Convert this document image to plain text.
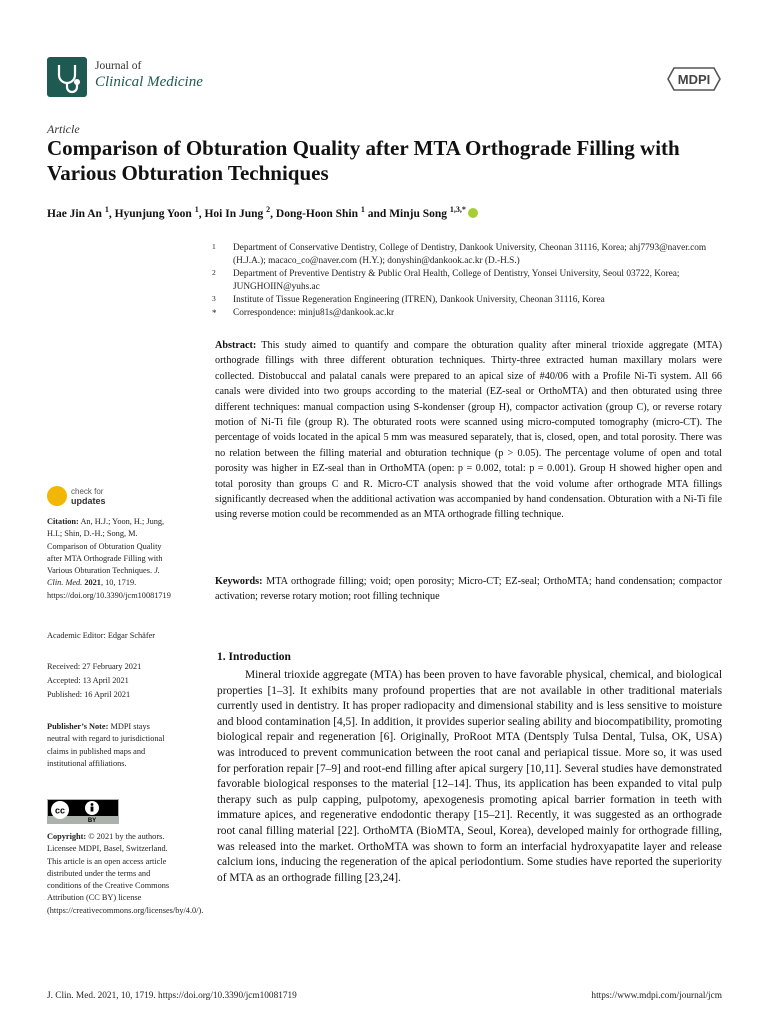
Journal of
Clinical Medicine	MDPI
Article
Comparison of Obturation Quality after MTA Orthograde Filling with Various Obturation Techniques
Hae Jin An $^1$, Hyunjung Yoon $^1$, Hoi In Jung $^2$, Dong-Hoon Shin $^1$ and Minju Song $^{1,3,*}$
1 Department of Conservative Dentistry, College of Dentistry, Dankook University, Cheonan 31116, Korea; ahj7793@naver.com (H.J.A.); macaco_co@naver.com (H.Y.); donyshin@dankook.ac.kr (D.-H.S.)
2 Department of Preventive Dentistry & Public Oral Health, College of Dentistry, Yonsei University, Seoul 03722, Korea; JUNGHOIIN@yuhs.ac
3 Institute of Tissue Regeneration Engineering (ITREN), Dankook University, Cheonan 31116, Korea
* Correspondence: minju81s@dankook.ac.kr
Abstract: This study aimed to quantify and compare the obturation quality after mineral trioxide aggregate (MTA) orthograde fillings with three different obturation techniques. Thirty-three extracted human maxillary molars were collected. Distobuccal and palatal canals were prepared to an apical size of #40/06 with a Profile Ni-Ti system. All 66 canals were divided into two groups according to the material (EZ-seal or OrthoMTA) and then obturated using three different techniques: manual compaction using S-kondenser (group H), compactor activation (group C), or reverse rotary motion of Ni-Ti file (group R). The obturated roots were scanned using micro-computed tomography (micro-CT). The percentage of voids located in the apical 5 mm was measured separately, that is, closed, open, and total porosity. There was no relation between the filling material and obturation technique (p > 0.05). The percentage volume of open and total porosity was higher in EZ-seal than in OrthoMTA (open: p = 0.002, total: p = 0.001). Group H showed higher open and total porosity than groups C and R. Micro-CT analysis showed that the void volume after orthograde MTA fillings significantly decreased when the additional activation was accompanied by hand condensation. Obturation with a Ni-Ti file using reverse motion could be recommended as an MTA orthograde filling technique.
Keywords: MTA orthograde filling; void; open porosity; Micro-CT; EZ-seal; OrthoMTA; hand condensation; compactor activation; reverse rotary motion; root filling technique
check for
updates
Citation: An, H.J.; Yoon, H.; Jung, H.I.; Shin, D.-H.; Song, M. Comparison of Obturation Quality after MTA Orthograde Filling with Various Obturation Techniques. J. Clin. Med. 2021, 10, 1719. https://doi.org/10.3390/jcm10081719
Academic Editor: Edgar Schäfer
Received: 27 February 2021
Accepted: 13 April 2021
Published: 16 April 2021
Publisher’s Note: MDPI stays neutral with regard to jurisdictional claims in published maps and institutional affiliations.
cc
BY
Copyright: © 2021 by the authors. Licensee MDPI, Basel, Switzerland. This article is an open access article distributed under the terms and conditions of the Creative Commons Attribution (CC BY) license (https://creativecommons.org/licenses/by/4.0/).
1. Introduction
Mineral trioxide aggregate (MTA) has been proven to have favorable physical, chemical, and biological properties [1–3]. It exhibits many profound properties that are not available in other traditional materials currently used in dentistry. It has proper radiopacity and dimensional stability and is less sensitive to moisture and blood contamination [4,5]. In addition, it provides superior sealing ability and biocompatibility, promoting biological repair and regeneration [6]. Originally, ProRoot MTA (Dentsply Tulsa Dental, Tulsa, OK, USA) was introduced to prevent communication between the root canal and periapical tissue. More so, it was used for perforation repair [7–9] and root-end filling after apical surgery [10,11]. Several studies have demonstrated favorable biological responses to the material [12–14]. Thus, its application has been expanded to vital pulp therapy such as pulp capping, pulpotomy, apexogenesis promoting apical barrier formation in teeth with immature apices, and regenerative endodontic therapy [15–21]. Recently, it was suggested as an orthograde root canal filling material [22]. OrthoMTA (BioMTA, Seoul, Korea), developed mainly for orthograde filling, was released into the market. OrthoMTA was shown to form an interfacial hydroxyapatite layer and release calcium ions, inducing the regeneration of the apical periodontium. Some studies have reported the superiority of MTA as an orthograde filling [23,24].
J. Clin. Med. 2021, 10, 1719. https://doi.org/10.3390/jcm10081719	https://www.mdpi.com/journal/jcm
